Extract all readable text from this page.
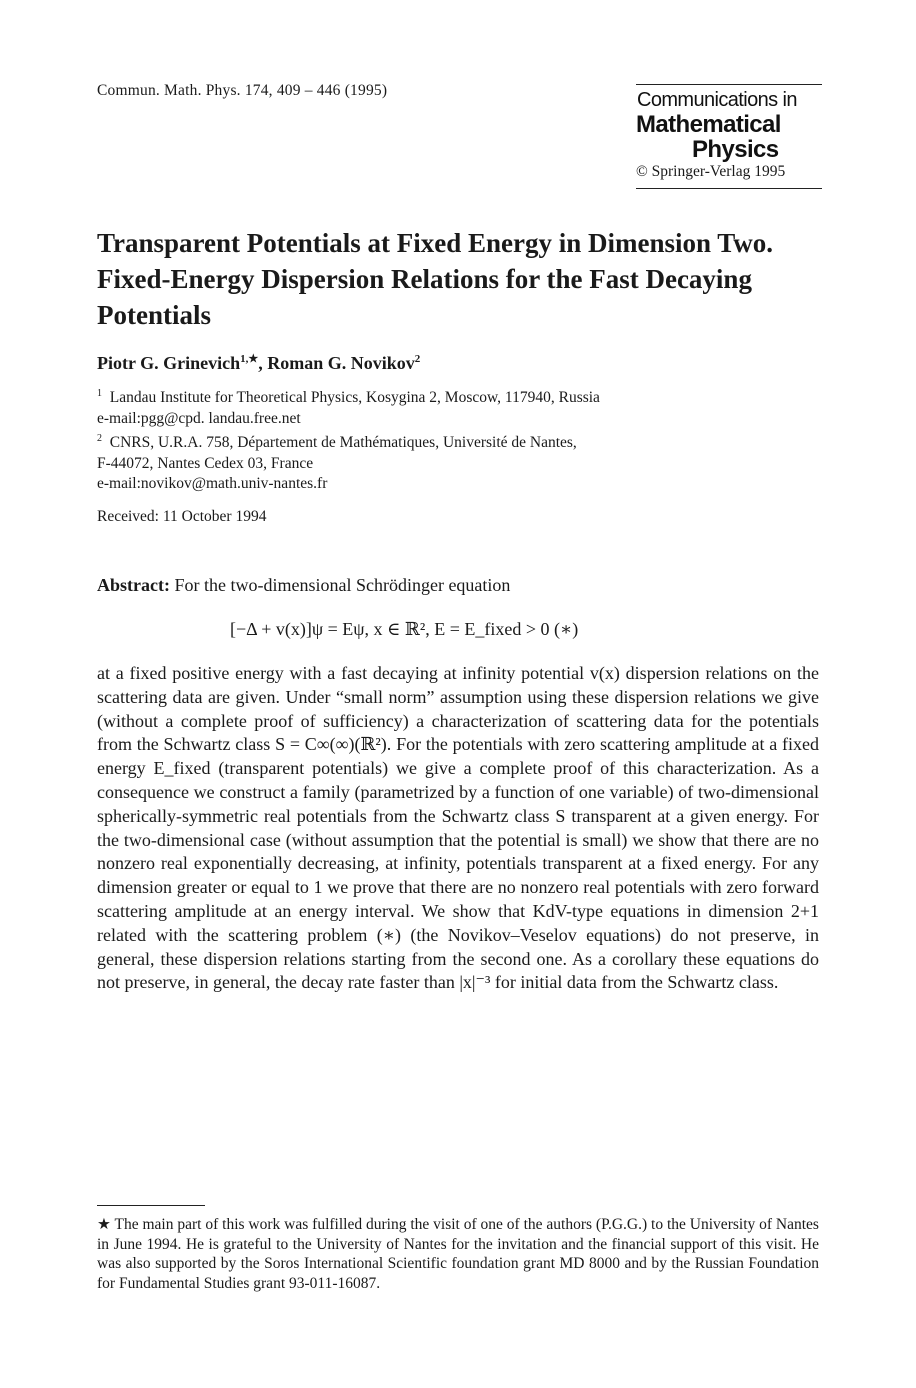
Commun. Math. Phys. 174, 409 – 446 (1995)	Communications in
Mathematical
Physics
© Springer-Verlag 1995
Transparent Potentials at Fixed Energy in Dimension Two. Fixed-Energy Dispersion Relations for the Fast Decaying Potentials
Piotr G. Grinevich$^{1,★}$, Roman G. Novikov$^2$
$^1$ Landau Institute for Theoretical Physics, Kosygina 2, Moscow, 117940, Russia
e-mail:pgg@cpd. landau.free.net
$^2$ CNRS, U.R.A. 758, Département de Mathématiques, Université de Nantes,
F-44072, Nantes Cedex 03, France
e-mail:novikov@math.univ-nantes.fr
Received: 11 October 1994
Abstract: For the two-dimensional Schrödinger equation
[−Δ + v(x)]ψ = Eψ, x ∈ ℝ², E = E_fixed > 0 (∗)
at a fixed positive energy with a fast decaying at infinity potential v(x) dispersion relations on the scattering data are given. Under “small norm” assumption using these dispersion relations we give (without a complete proof of sufficiency) a characterization of scattering data for the potentials from the Schwartz class S = C∞(∞)(ℝ²). For the potentials with zero scattering amplitude at a fixed energy E_fixed (transparent potentials) we give a complete proof of this characterization. As a consequence we construct a family (parametrized by a function of one variable) of two-dimensional spherically-symmetric real potentials from the Schwartz class S transparent at a given energy. For the two-dimensional case (without assumption that the potential is small) we show that there are no nonzero real exponentially decreasing, at infinity, potentials transparent at a fixed energy. For any dimension greater or equal to 1 we prove that there are no nonzero real potentials with zero forward scattering amplitude at an energy interval. We show that KdV-type equations in dimension 2+1 related with the scattering problem (∗) (the Novikov–Veselov equations) do not preserve, in general, these dispersion relations starting from the second one. As a corollary these equations do not preserve, in general, the decay rate faster than |x|⁻³ for initial data from the Schwartz class.
★ The main part of this work was fulfilled during the visit of one of the authors (P.G.G.) to the University of Nantes in June 1994. He is grateful to the University of Nantes for the invitation and the financial support of this visit. He was also supported by the Soros International Scientific foundation grant MD 8000 and by the Russian Foundation for Fundamental Studies grant 93-011-16087.
